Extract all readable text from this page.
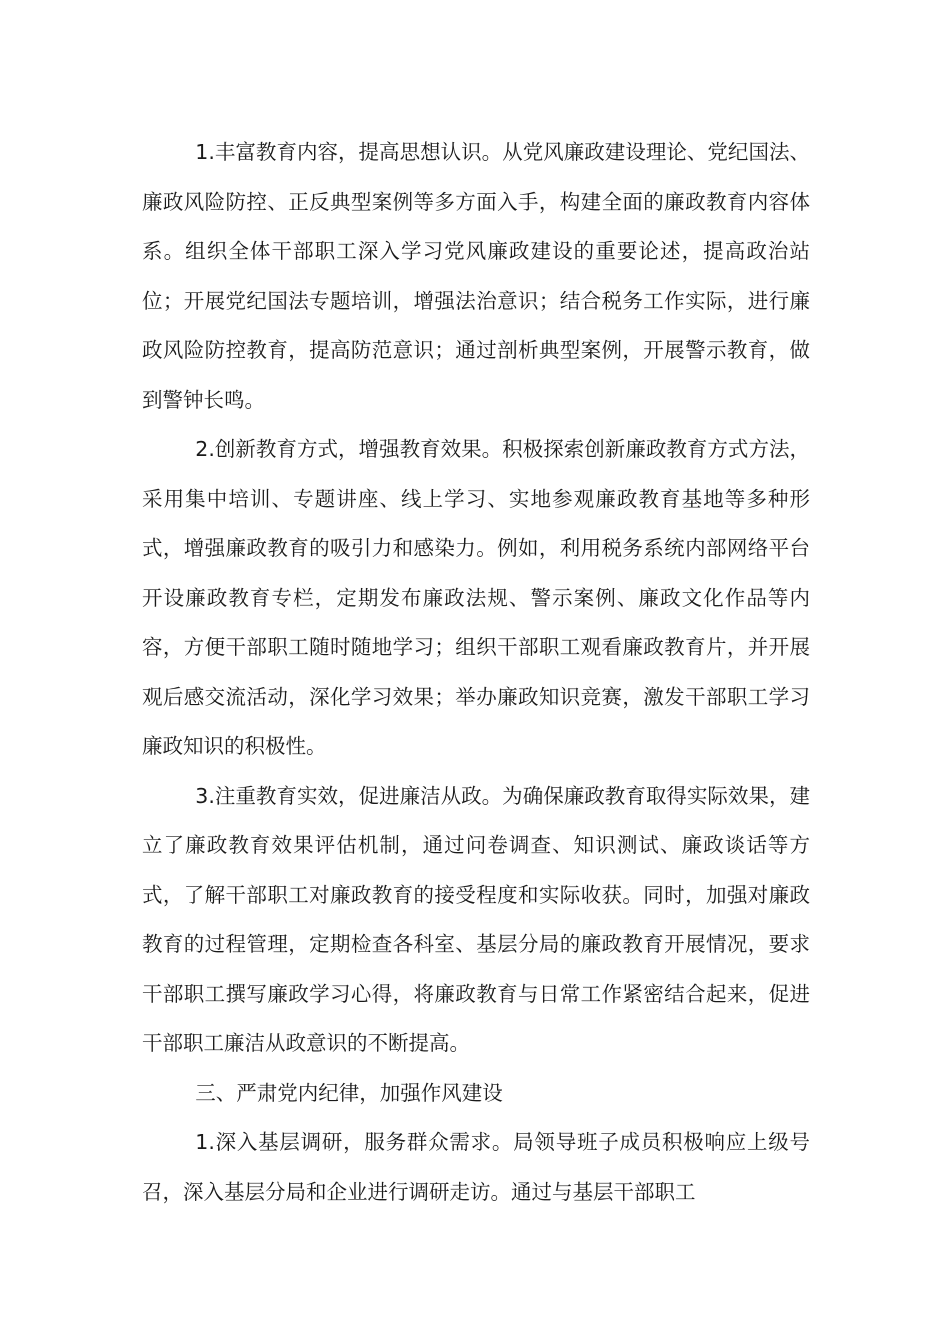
1.丰富教育内容，提高思想认识。从党风廉政建设理论、党纪国法、廉政风险防控、正反典型案例等多方面入手，构建全面的廉政教育内容体系。组织全体干部职工深入学习党风廉政建设的重要论述，提高政治站位；开展党纪国法专题培训，增强法治意识；结合税务工作实际，进行廉政风险防控教育，提高防范意识；通过剖析典型案例，开展警示教育，做到警钟长鸣。

2.创新教育方式，增强教育效果。积极探索创新廉政教育方式方法，采用集中培训、专题讲座、线上学习、实地参观廉政教育基地等多种形式，增强廉政教育的吸引力和感染力。例如，利用税务系统内部网络平台开设廉政教育专栏，定期发布廉政法规、警示案例、廉政文化作品等内容，方便干部职工随时随地学习；组织干部职工观看廉政教育片，并开展观后感交流活动，深化学习效果；举办廉政知识竞赛，激发干部职工学习廉政知识的积极性。

3.注重教育实效，促进廉洁从政。为确保廉政教育取得实际效果，建立了廉政教育效果评估机制，通过问卷调查、知识测试、廉政谈话等方式，了解干部职工对廉政教育的接受程度和实际收获。同时，加强对廉政教育的过程管理，定期检查各科室、基层分局的廉政教育开展情况，要求干部职工撰写廉政学习心得，将廉政教育与日常工作紧密结合起来，促进干部职工廉洁从政意识的不断提高。

三、严肃党内纪律，加强作风建设

1.深入基层调研，服务群众需求。局领导班子成员积极响应上级号召，深入基层分局和企业进行调研走访。通过与基层干部职工
